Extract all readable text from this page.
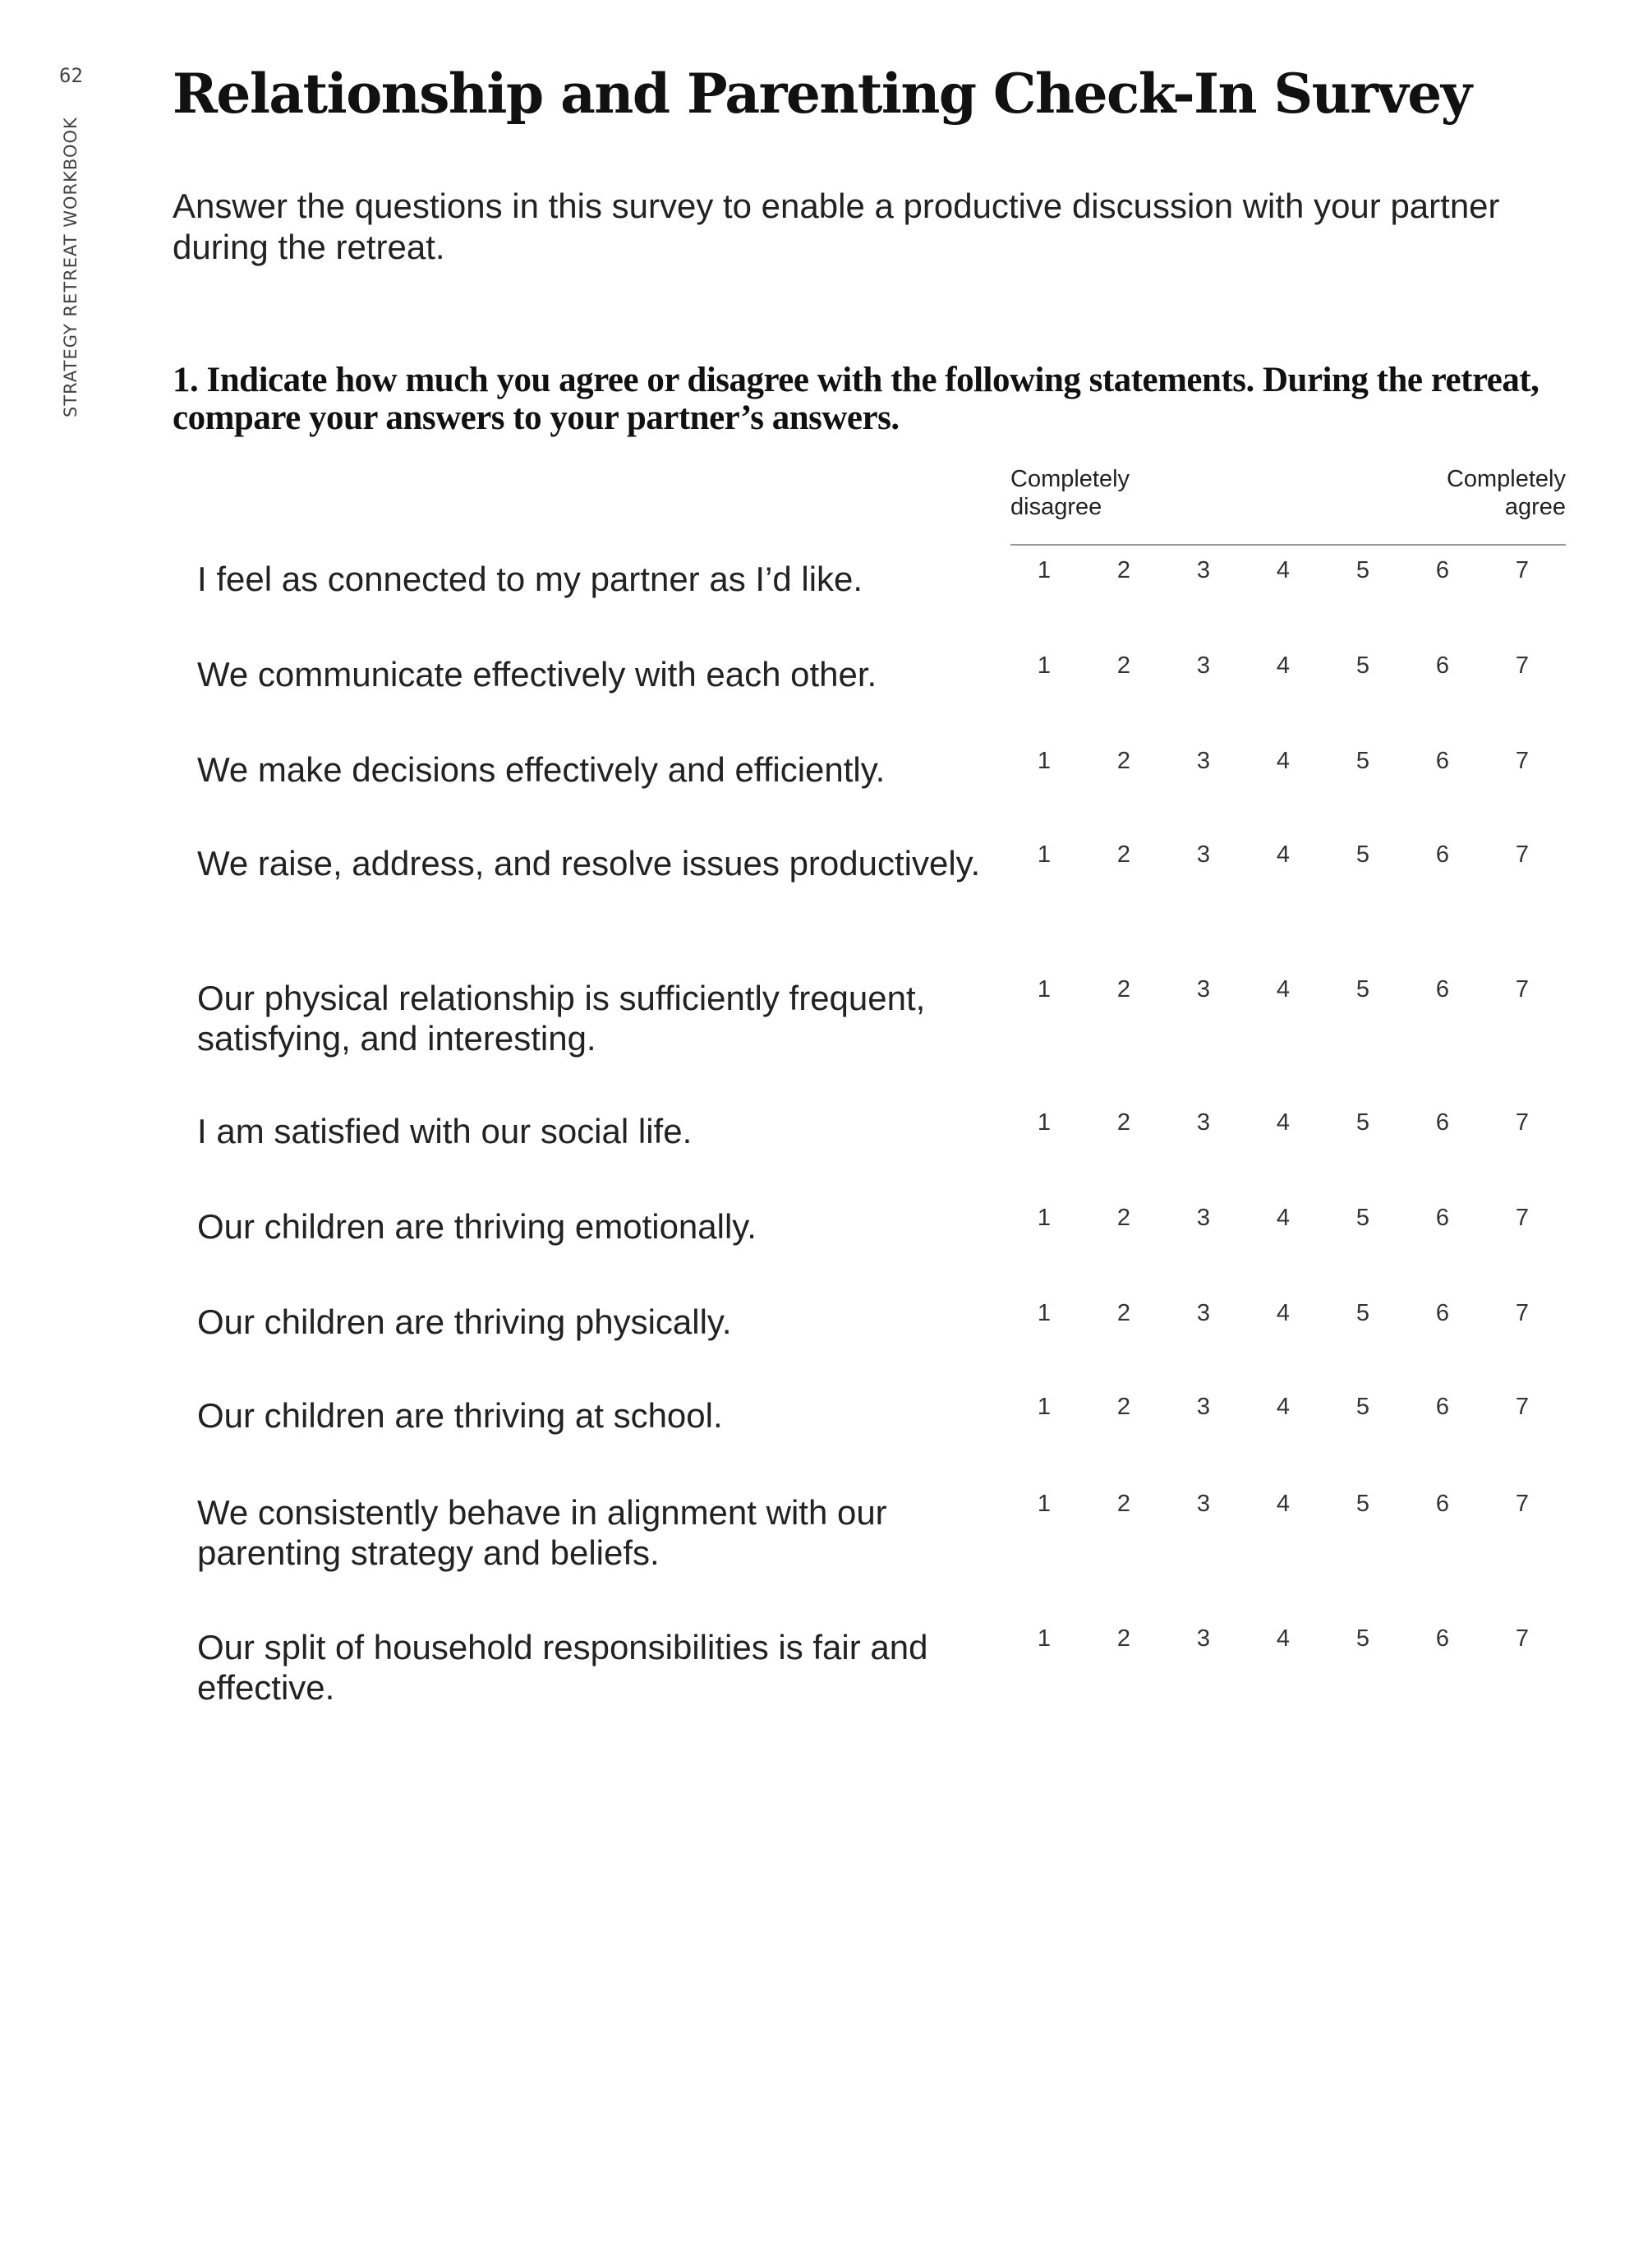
62
STRATEGY RETREAT WORKBOOK
Relationship and Parenting Check-In Survey

Answer the questions in this survey to enable a productive discussion with your partner during the retreat.

1. Indicate how much you agree or disagree with the following statements. During the retreat, compare your answers to your partner’s answers.

Completely
disagree
Completely
agree
I feel as connected to my partner as I’d like.	1	2	3	4	5	6	7
We communicate effectively with each other.	1	2	3	4	5	6	7
We make decisions effectively and efficiently.	1	2	3	4	5	6	7
We raise, address, and resolve issues productively.	1	2	3	4	5	6	7
Our physical relationship is sufficiently frequent, satisfying, and interesting.
1	2	3	4	5	6	7
I am satisfied with our social life.	1	2	3	4	5	6	7
Our children are thriving emotionally.	1	2	3	4	5	6	7
Our children are thriving physically.	1	2	3	4	5	6	7
Our children are thriving at school.	1	2	3	4	5	6	7
We consistently behave in alignment with our parenting strategy and beliefs.
1	2	3	4	5	6	7
Our split of household responsibilities is fair and effective.
1	2	3	4	5	6	7
